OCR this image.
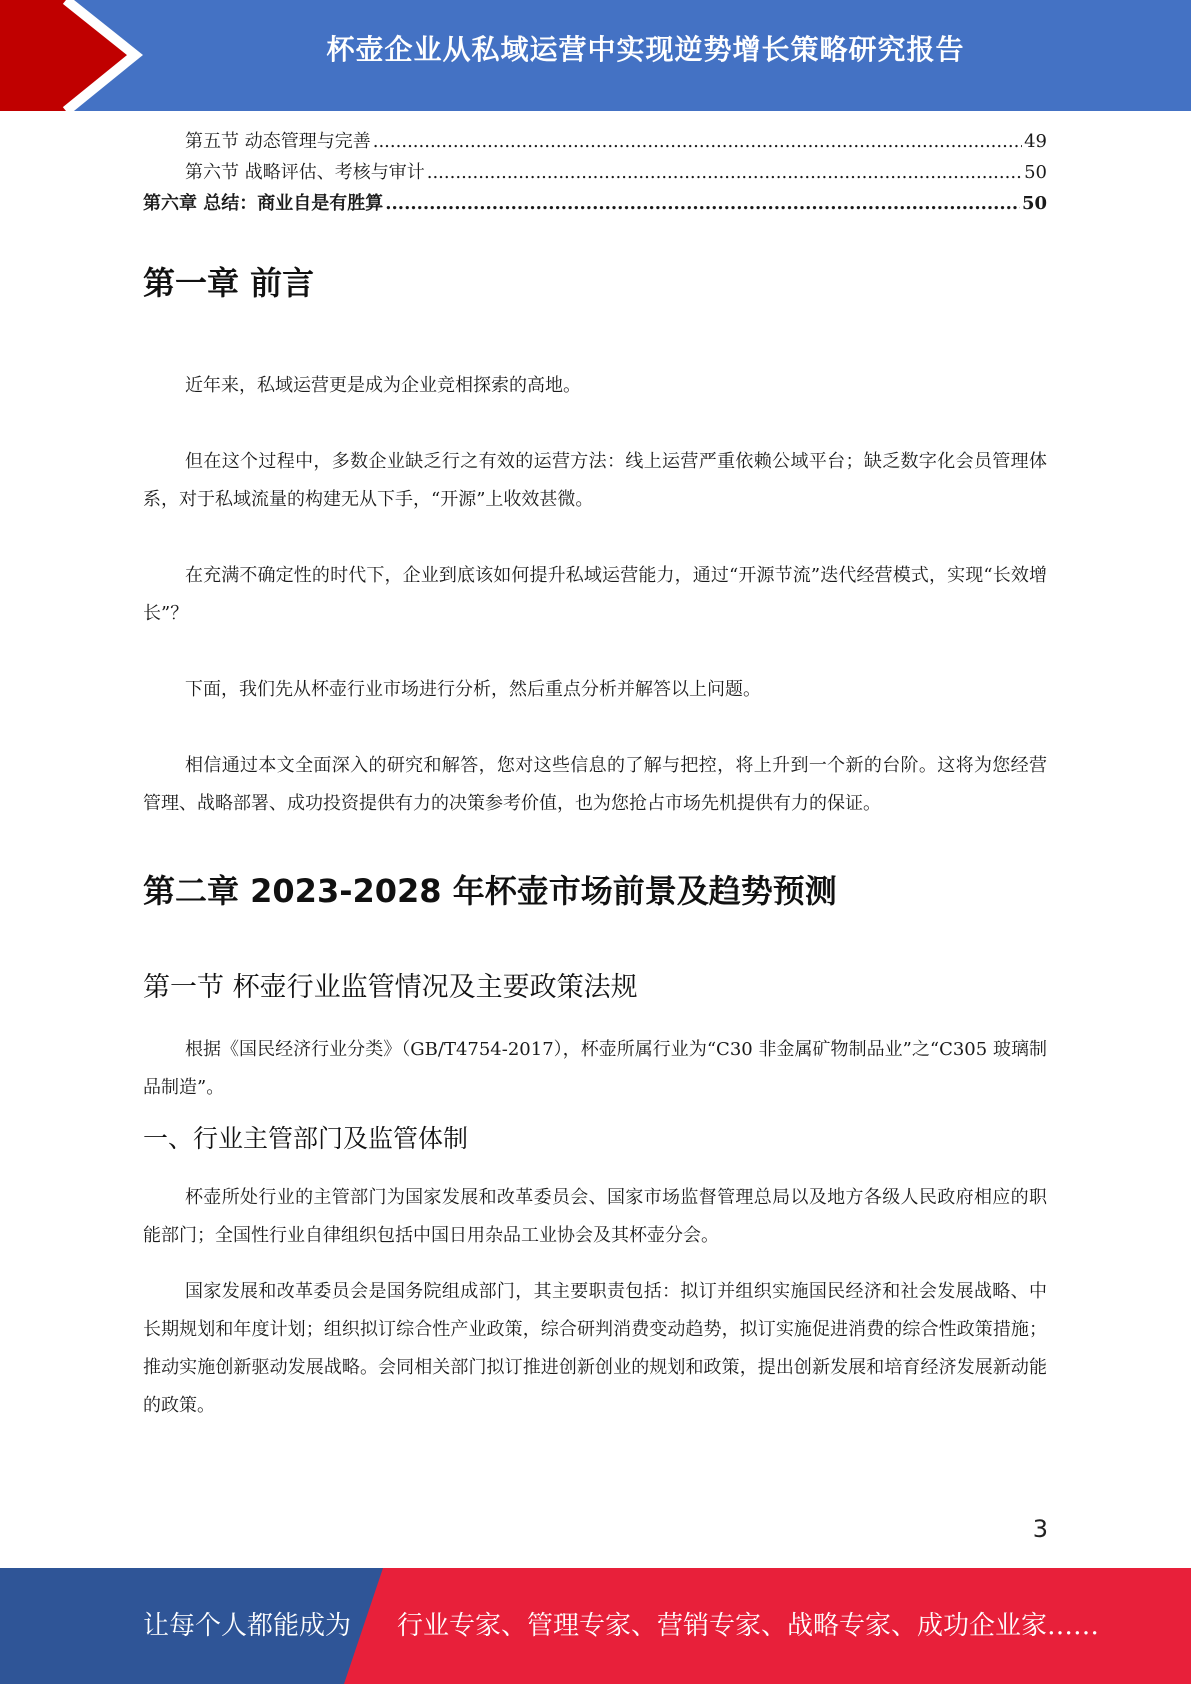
杯壶企业从私域运营中实现逆势增长策略研究报告
第五节 动态管理与完善 .....	49
第六节 战略评估、考核与审计 .....	50
第六章 总结：商业自是有胜算 .....	50
第一章 前言

近年来，私域运营更是成为企业竞相探索的高地。

但在这个过程中，多数企业缺乏行之有效的运营方法：线上运营严重依赖公域平台；缺乏数字化会员管理体系，对于私域流量的构建无从下手，“开源”上收效甚微。

在充满不确定性的时代下，企业到底该如何提升私域运营能力，通过“开源节流”迭代经营模式，实现“长效增长”？

下面，我们先从杯壶行业市场进行分析，然后重点分析并解答以上问题。

相信通过本文全面深入的研究和解答，您对这些信息的了解与把控，将上升到一个新的台阶。这将为您经营管理、战略部署、成功投资提供有力的决策参考价值，也为您抢占市场先机提供有力的保证。

第二章 2023-2028 年杯壶市场前景及趋势预测
第一节 杯壶行业监管情况及主要政策法规

根据《国民经济行业分类》（GB/T4754-2017），杯壶所属行业为“C30 非金属矿物制品业”之“C305 玻璃制品制造”。

一、行业主管部门及监管体制

杯壶所处行业的主管部门为国家发展和改革委员会、国家市场监督管理总局以及地方各级人民政府相应的职能部门；全国性行业自律组织包括中国日用杂品工业协会及其杯壶分会。

国家发展和改革委员会是国务院组成部门，其主要职责包括：拟订并组织实施国民经济和社会发展战略、中长期规划和年度计划；组织拟订综合性产业政策，综合研判消费变动趋势，拟订实施促进消费的综合性政策措施；推动实施创新驱动发展战略。会同相关部门拟订推进创新创业的规划和政策，提出创新发展和培育经济发展新动能的政策。

3
让每个人都能成为 行业专家、管理专家、营销专家、战略专家、成功企业家……
